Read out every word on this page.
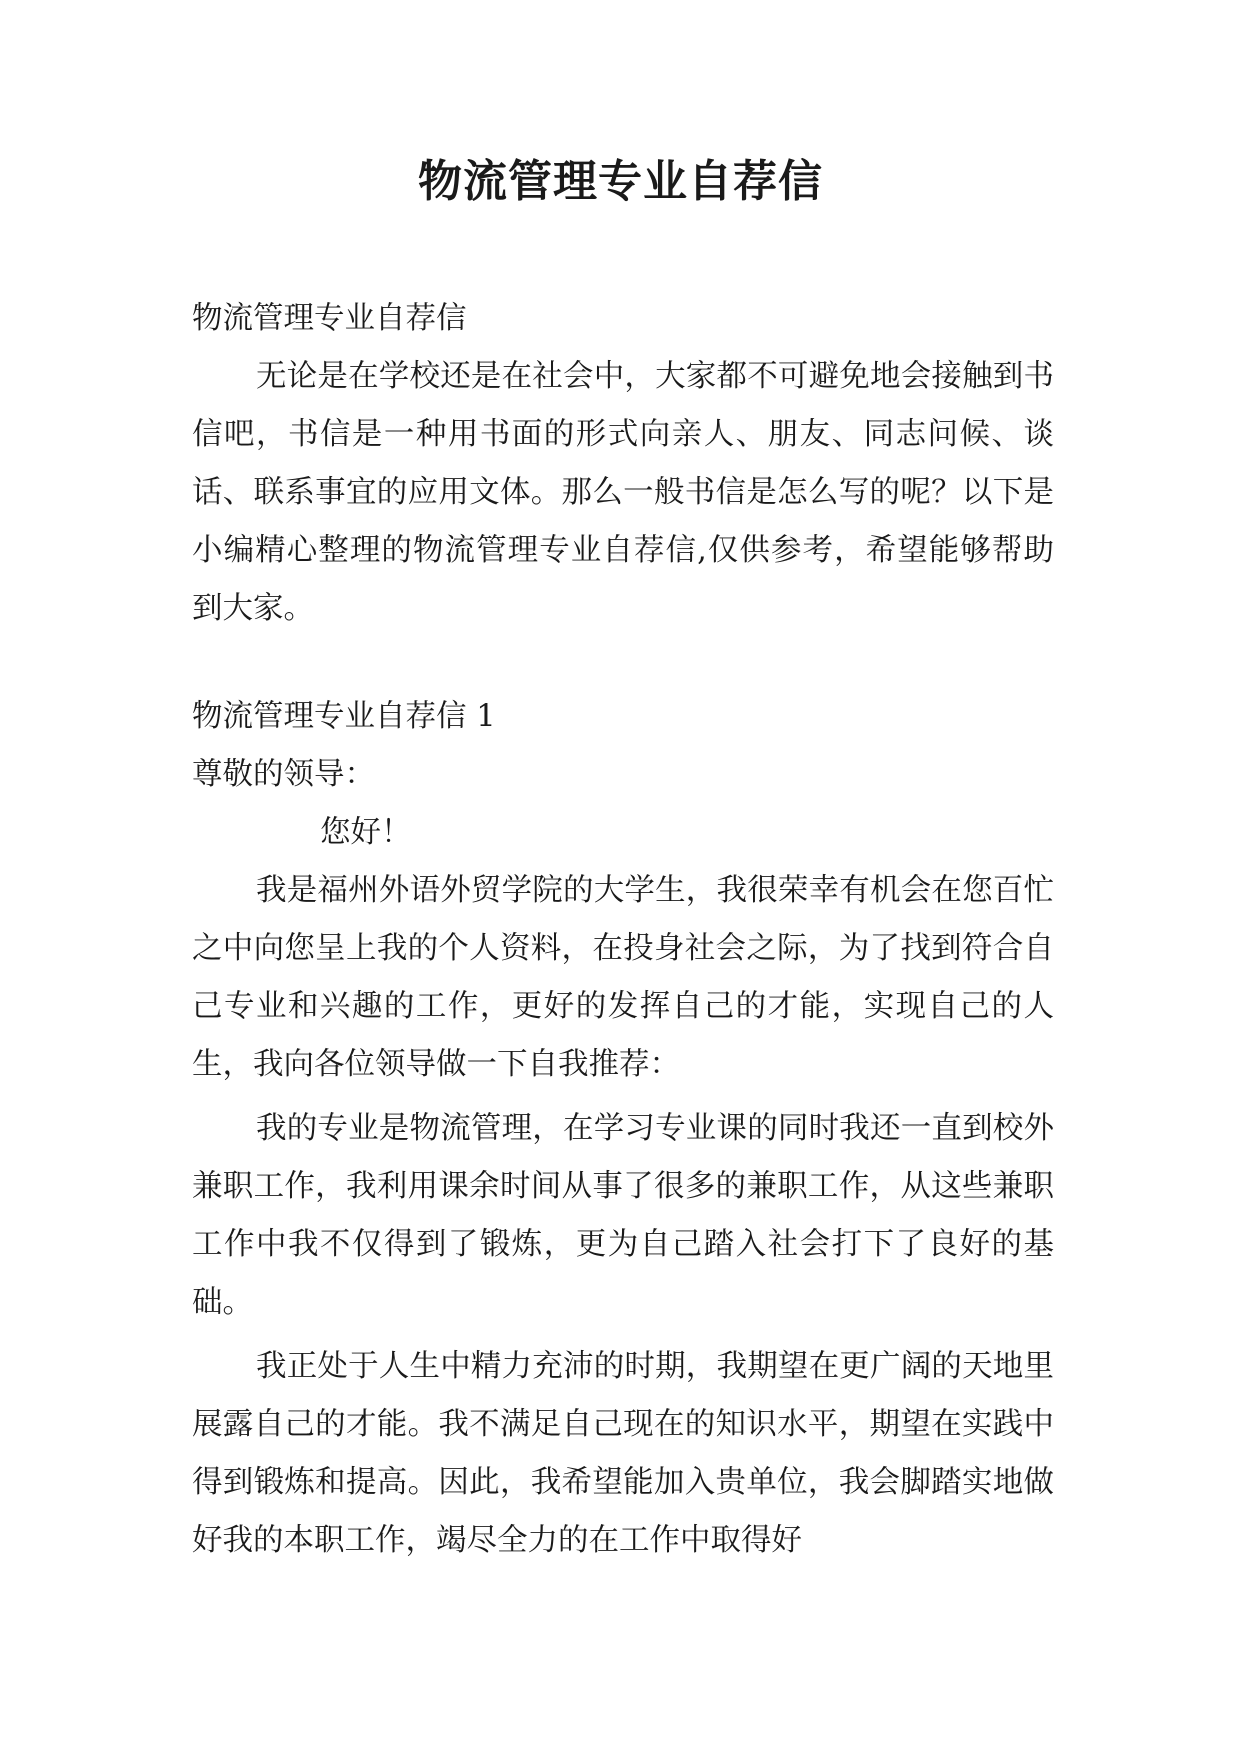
物流管理专业自荐信
物流管理专业自荐信

无论是在学校还是在社会中，大家都不可避免地会接触到书信吧，书信是一种用书面的形式向亲人、朋友、同志问候、谈话、联系事宜的应用文体。那么一般书信是怎么写的呢？以下是小编精心整理的物流管理专业自荐信,仅供参考，希望能够帮助到大家。

物流管理专业自荐信 1
尊敬的领导：
您好！

我是福州外语外贸学院的大学生，我很荣幸有机会在您百忙之中向您呈上我的个人资料，在投身社会之际，为了找到符合自己专业和兴趣的工作，更好的发挥自己的才能，实现自己的人生，我向各位领导做一下自我推荐：

我的专业是物流管理，在学习专业课的同时我还一直到校外兼职工作，我利用课余时间从事了很多的兼职工作，从这些兼职工作中我不仅得到了锻炼，更为自己踏入社会打下了良好的基础。

我正处于人生中精力充沛的时期，我期望在更广阔的天地里展露自己的才能。我不满足自己现在的知识水平，期望在实践中得到锻炼和提高。因此，我希望能加入贵单位，我会脚踏实地做好我的本职工作，竭尽全力的在工作中取得好
